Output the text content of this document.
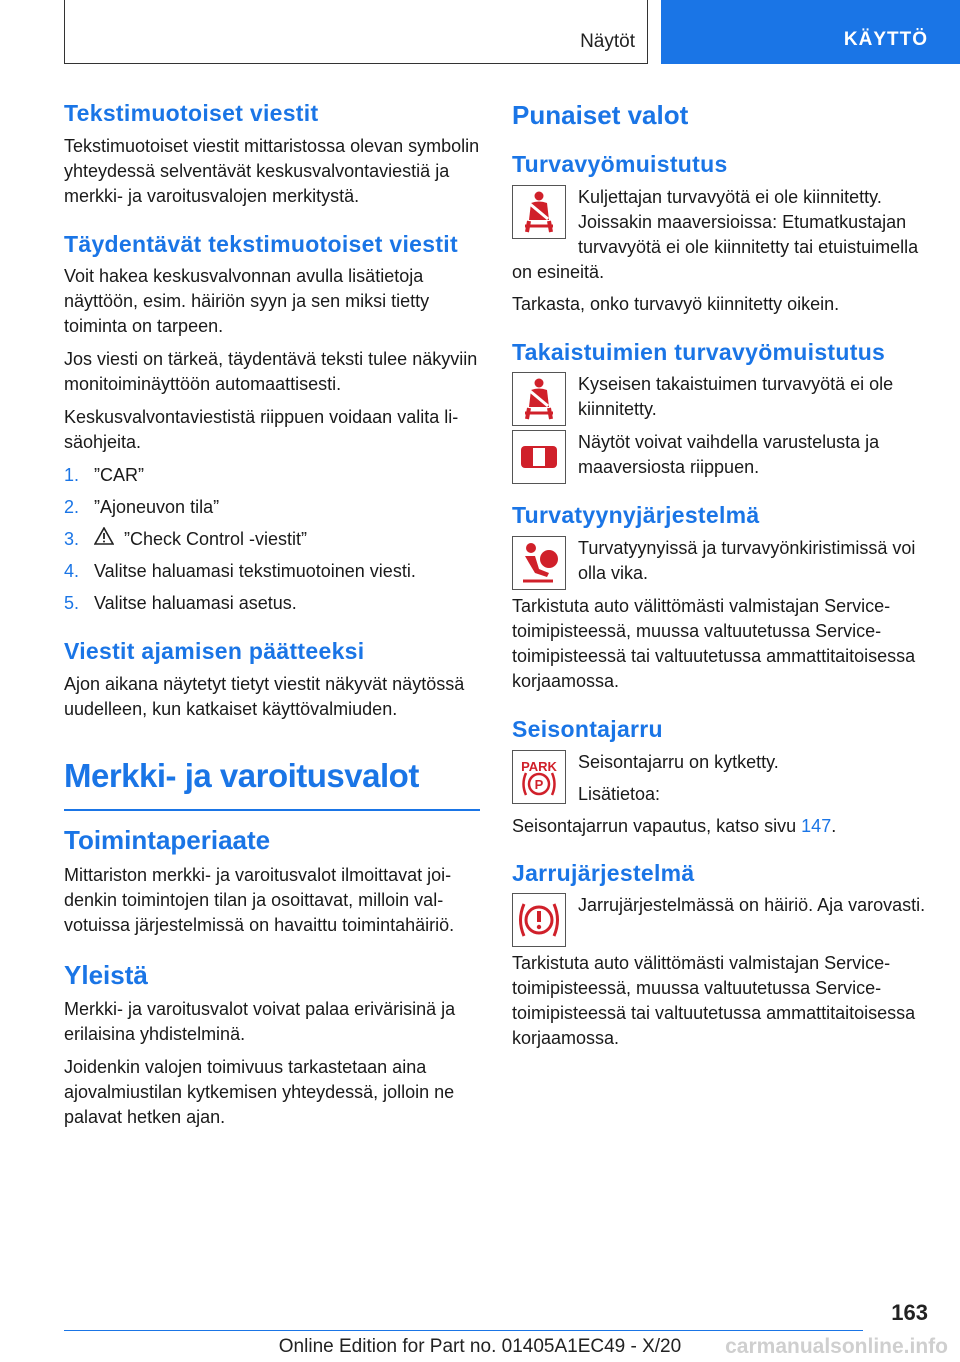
Näytöt	KÄYTTÖ
Tekstimuotoiset viestit

Tekstimuotoiset viestit mittaristossa olevan symbolin yhteydessä selventävät keskusvalvontaviestiä ja merkki- ja varoitusvalojen merkitystä.

Täydentävät tekstimuotoiset viestit

Voit hakea keskusvalvonnan avulla lisätietoja näyttöön, esim. häiriön syyn ja sen miksi tietty toiminta on tarpeen.

Jos viesti on tärkeä, täydentävä teksti tulee näkyviin monitoiminäyttöön automaattisesti.

Keskusvalvontaviestistä riippuen voidaan valita lisäohjeita.

1. ”CAR”
2. ”Ajoneuvon tila”
3.	”Check Control -viestit”
4. Valitse haluamasi tekstimuotoinen viesti.
5. Valitse haluamasi asetus.
Viestit ajamisen päätteeksi

Ajon aikana näytetyt tietyt viestit näkyvät näytössä uudelleen, kun katkaiset käyttövalmiuden.

Merkki- ja varoitusvalot
Toimintaperiaate

Mittariston merkki- ja varoitusvalot ilmoittavat joidenkin toimintojen tilan ja osoittavat, milloin valvotuissa järjestelmissä on havaittu toimintahäiriö.

Yleistä

Merkki- ja varoitusvalot voivat palaa erivärisinä ja erilaisina yhdistelminä.

Joidenkin valojen toimivuus tarkastetaan aina ajovalmiustilan kytkemisen yhteydessä, jolloin ne palavat hetken ajan.

Punaiset valot
Turvavyömuistutus

Kuljettajan turvavyötä ei ole kiinnitetty. Joissakin maaversioissa: Etumatkustajan turvavyötä ei ole kiinnitetty tai etuistuimella on esineitä.

Tarkasta, onko turvavyö kiinnitetty oikein.

Takaistuimien turvavyömuistutus

Kyseisen takaistuimen turvavyötä ei ole kiinnitetty.

Näytöt voivat vaihdella varustelusta ja maaversiosta riippuen.

Turvatyynyjärjestelmä

Turvatyynyissä ja turvavyönkiristimissä voi olla vika.

Tarkistuta auto välittömästi valmistajan Service-toimipisteessä, muussa valtuutetussa Service-toimipisteessä tai valtuutetussa ammattitaitoisessa korjaamossa.

Seisontajarru
PARK
P

Seisontajarru on kytketty.

Lisätietoa:

Seisontajarrun vapautus, katso sivu 147.

Jarrujärjestelmä

Jarrujärjestelmässä on häiriö. Aja varovasti.

Tarkistuta auto välittömästi valmistajan Service-toimipisteessä, muussa valtuutetussa Service-toimipisteessä tai valtuutetussa ammattitaitoisessa korjaamossa.

163
Online Edition for Part no. 01405A1EC49 - X/20	carmanualsonline.info
